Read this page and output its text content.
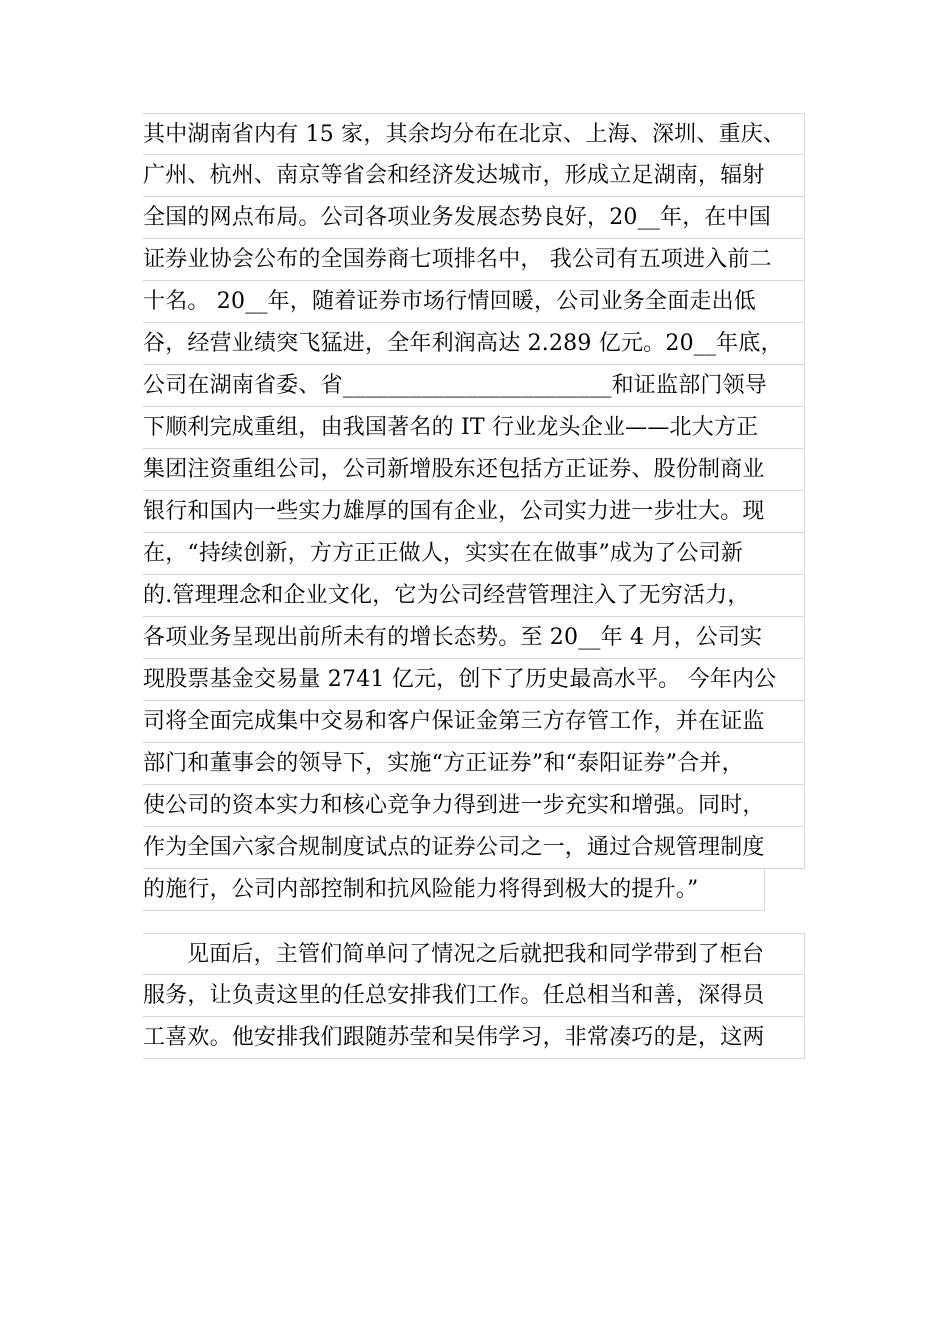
其中湖南省内有 15 家，其余均分布在北京、上海、深圳、重庆、
广州、杭州、南京等省会和经济发达城市，形成立足湖南，辐射
全国的网点布局。公司各项业务发展态势良好，20__年，在中国
证券业协会公布的全国券商七项排名中， 我公司有五项进入前二
十名。 20__年，随着证券市场行情回暖，公司业务全面走出低
谷，经营业绩突飞猛进，全年利润高达 2.289 亿元。20__年底，
公司在湖南省委、省________________________和证监部门领导
下顺利完成重组，由我国著名的 IT 行业龙头企业——北大方正
集团注资重组公司，公司新增股东还包括方正证券、股份制商业
银行和国内一些实力雄厚的国有企业，公司实力进一步壮大。现
在，“持续创新，方方正正做人，实实在在做事”成为了公司新
的.管理理念和企业文化，它为公司经营管理注入了无穷活力，
各项业务呈现出前所未有的增长态势。至 20__年 4 月，公司实
现股票基金交易量 2741 亿元，创下了历史最高水平。 今年内公
司将全面完成集中交易和客户保证金第三方存管工作，并在证监
部门和董事会的领导下，实施“方正证券”和“泰阳证券”合并，
使公司的资本实力和核心竞争力得到进一步充实和增强。同时，
作为全国六家合规制度试点的证券公司之一，通过合规管理制度
的施行，公司内部控制和抗风险能力将得到极大的提升。”
见面后，主管们简单问了情况之后就把我和同学带到了柜台
服务，让负责这里的任总安排我们工作。任总相当和善，深得员
工喜欢。他安排我们跟随苏莹和吴伟学习，非常凑巧的是，这两
